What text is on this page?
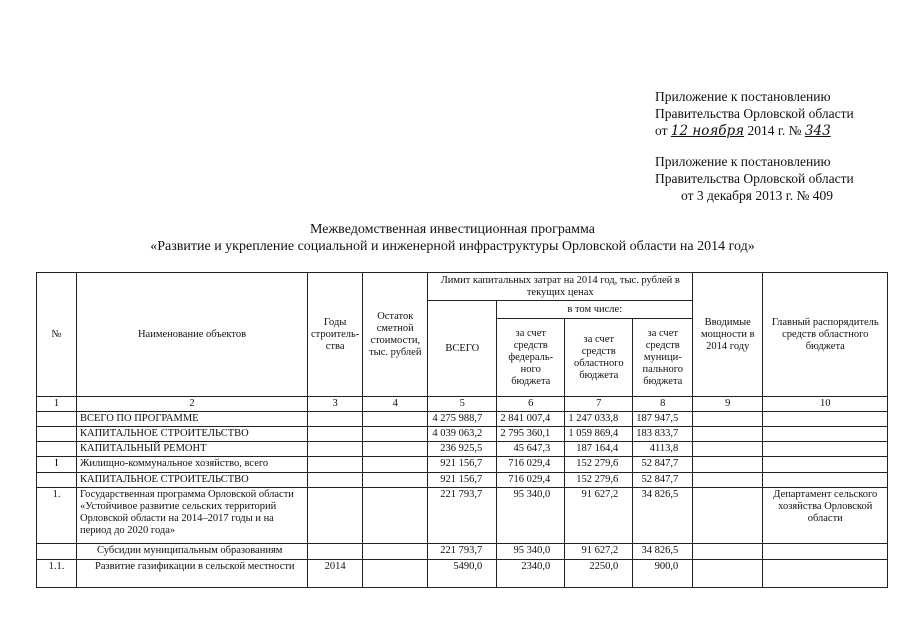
Приложение к постановлению
Правительства Орловской области
от 12 ноября 2014 г. № 343
Приложение к постановлению
Правительства Орловской области
от 3 декабря 2013 г. № 409
Межведомственная инвестиционная программа
«Развитие и укрепление социальной и инженерной инфраструктуры Орловской области на 2014 год»
№	Наименование объектов	Годы строитель-ства	Остаток сметной стоимости, тыс. рублей	Лимит капитальных затрат на 2014 год, тыс. рублей в текущих ценах				Вводимые мощности в 2014 году	Главный распорядитель средств областного бюджета
				ВСЕГО	в том числе:				
					за счет средств федераль-ного бюджета	за счет средств областного бюджета	за счет средств муници-пального бюджета		
1	2	3	4	5	6	7	8	9	10
	ВСЕГО ПО ПРОГРАММЕ			4 275 988,7	2 841 007,4	1 247 033,8	187 947,5		
	КАПИТАЛЬНОЕ СТРОИТЕЛЬСТВО			4 039 063,2	2 795 360,1	1 059 869,4	183 833,7		
	КАПИТАЛЬНЫЙ РЕМОНТ			236 925,5	45 647,3	187 164,4	4113,8		
I	Жилищно-коммунальное хозяйство, всего			921 156,7	716 029,4	152 279,6	52 847,7		
	КАПИТАЛЬНОЕ СТРОИТЕЛЬСТВО			921 156,7	716 029,4	152 279,6	52 847,7		
1.	Государственная программа Орловской области «Устойчивое развитие сельских территорий Орловской области на 2014–2017 годы и на период до 2020 года»			221 793,7	95 340,0	91 627,2	34 826,5		Департамент сельского хозяйства Орловской области
	Субсидии муниципальным образованиям			221 793,7	95 340,0	91 627,2	34 826,5		
1.1.	Развитие газификации в сельской местности	2014		5490,0	2340,0	2250,0	900,0		
